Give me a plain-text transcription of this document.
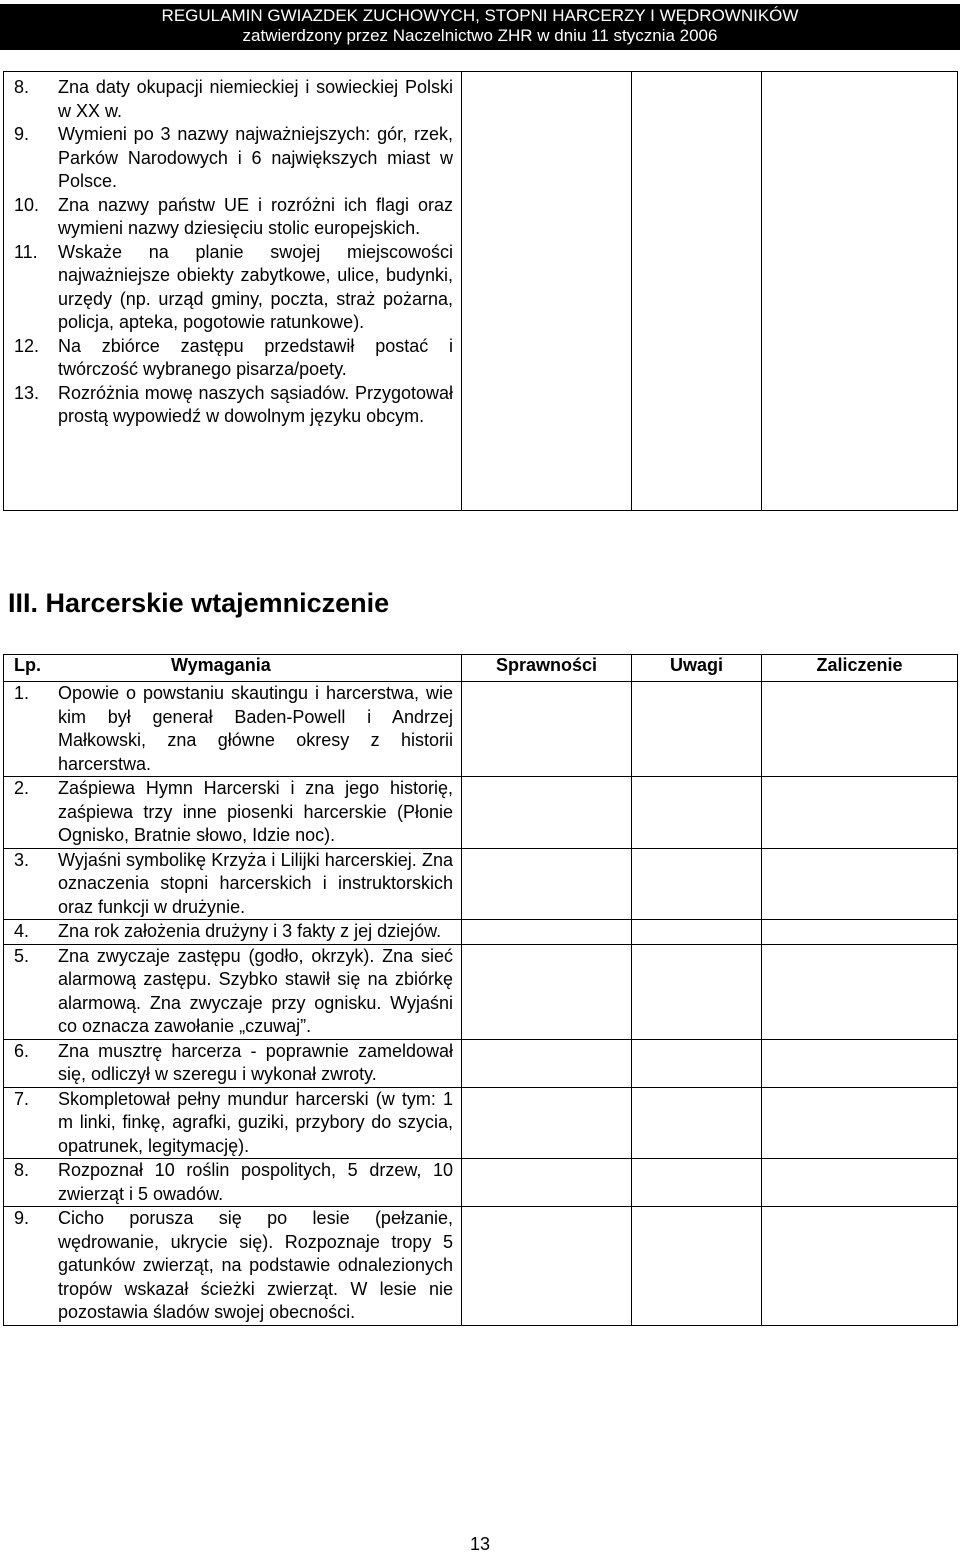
REGULAMIN GWIAZDEK ZUCHOWYCH, STOPNI HARCERZY I WĘDROWNIKÓW
zatwierdzony przez Naczelnictwo ZHR w dniu 11 stycznia 2006
8.	Zna daty okupacji niemieckiej i sowieckiej Polski w XX w.
9.	Wymieni po 3 nazwy najważniejszych: gór, rzek, Parków Narodowych i 6 największych miast w Polsce.
10.	Zna nazwy państw UE i rozróżni ich flagi oraz wymieni nazwy dziesięciu stolic europejskich.
11.	Wskaże na planie swojej miejscowości najważniejsze obiekty zabytkowe, ulice, budynki, urzędy (np. urząd gminy, poczta, straż pożarna, policja, apteka, pogotowie ratunkowe).
12.	Na zbiórce zastępu przedstawił postać i twórczość wybranego pisarza/poety.
13.	Rozróżnia mowę naszych sąsiadów. Przygotował prostą wypowiedź w dowolnym języku obcym.

III. Harcerskie wtajemniczenie
Lp. Wymagania	Sprawności	Uwagi	Zaliczenie

1. Opowie o powstaniu skautingu i harcerstwa, wie kim był generał Baden-Powell i Andrzej Małkowski, zna główne okresy z historii harcerstwa.			

2. Zaśpiewa Hymn Harcerski i zna jego historię, zaśpiewa trzy inne piosenki harcerskie (Płonie Ognisko, Bratnie słowo, Idzie noc).			

3. Wyjaśni symbolikę Krzyża i Lilijki harcerskiej. Zna oznaczenia stopni harcerskich i instruktorskich oraz funkcji w drużynie.			

4. Zna rok założenia drużyny i 3 fakty z jej dziejów.			

5. Zna zwyczaje zastępu (godło, okrzyk). Zna sieć alarmową zastępu. Szybko stawił się na zbiórkę alarmową. Zna zwyczaje przy ognisku. Wyjaśni co oznacza zawołanie „czuwaj”.			

6. Zna musztrę harcerza - poprawnie zameldował się, odliczył w szeregu i wykonał zwroty.			

7. Skompletował pełny mundur harcerski (w tym: 1 m linki, finkę, agrafki, guziki, przybory do szycia, opatrunek, legitymację).			

8. Rozpoznał 10 roślin pospolitych, 5 drzew, 10 zwierząt i 5 owadów.			

9. Cicho porusza się po lesie (pełzanie, wędrowanie, ukrycie się). Rozpoznaje tropy 5 gatunków zwierząt, na podstawie odnalezionych tropów wskazał ścieżki zwierząt. W lesie nie pozostawia śladów swojej obecności.			

13
